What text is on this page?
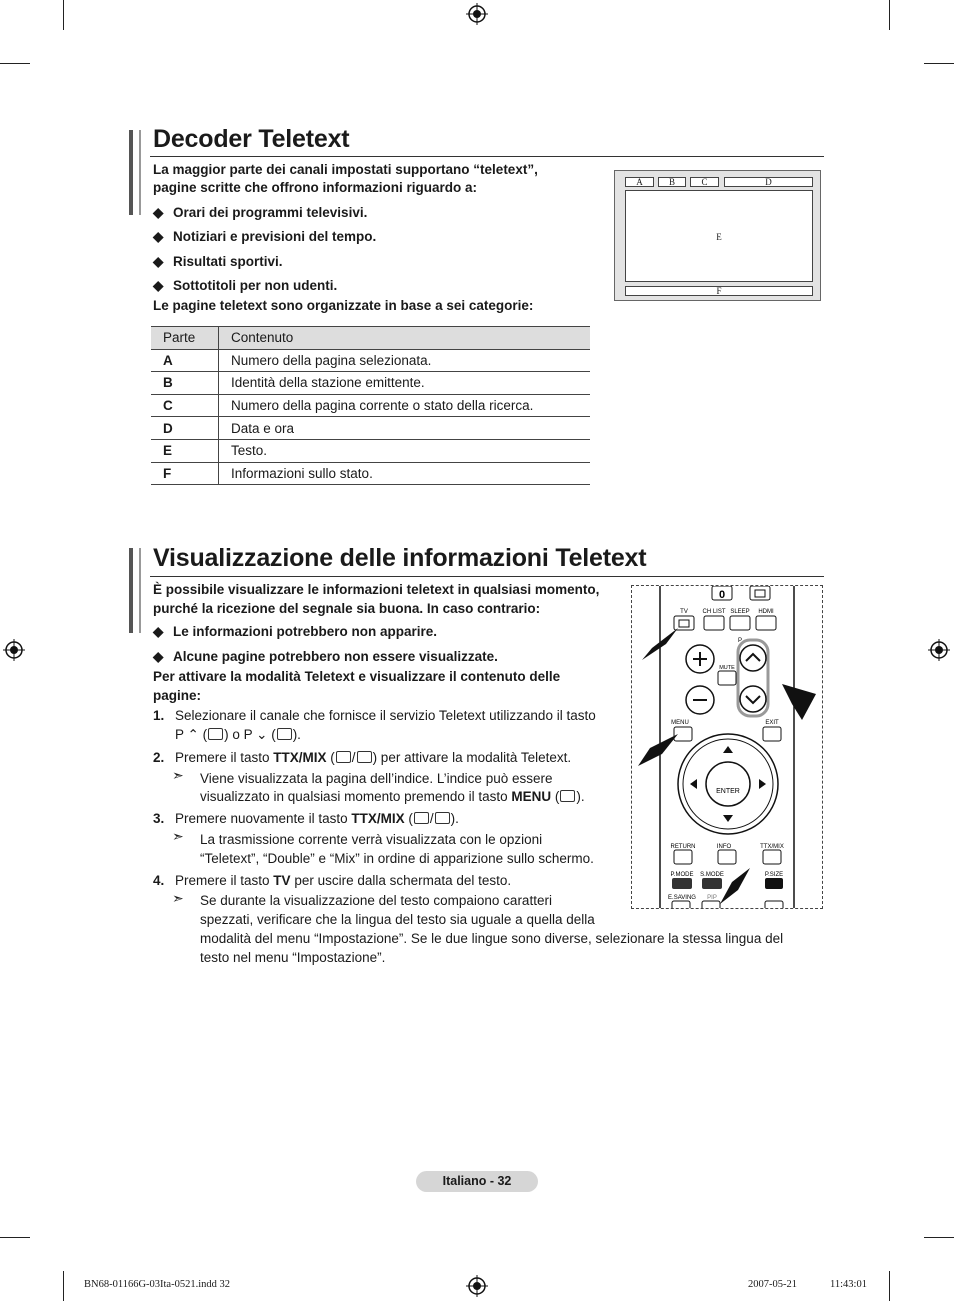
Decoder Teletext
La maggior parte dei canali impostati supportano “teletext”,
pagine scritte che offrono informazioni riguardo a:
◆ Orari dei programmi televisivi.
◆ Notiziari e previsioni del tempo.
◆ Risultati sportivi.
◆ Sottotitoli per non udenti.
Le pagine teletext sono organizzate in base a sei categorie:
Parte	Contenuto
A	Numero della pagina selezionata.
B	Identità della stazione emittente.
C	Numero della pagina corrente o stato della ricerca.
D	Data e ora
E	Testo.
F	Informazioni sullo stato.
A	B	C	D
E
F
Visualizzazione delle informazioni Teletext
È possibile visualizzare le informazioni teletext in qualsiasi momento,
purché la ricezione del segnale sia buona. In caso contrario:
◆ Le informazioni potrebbero non apparire.
◆ Alcune pagine potrebbero non essere visualizzate.
Per attivare la modalità Teletext e visualizzare il contenuto delle
pagine:
1. Selezionare il canale che fornisce il servizio Teletext utilizzando il tasto
P ⌃ ( ) o P ⌄ ( ).
2. Premere il tasto TTX/MIX ( / ) per attivare la modalità Teletext.
➣ Viene visualizzata la pagina dell’indice. L’indice può essere
visualizzato in qualsiasi momento premendo il tasto MENU ( ).
3. Premere nuovamente il tasto TTX/MIX ( / ).
➣ La trasmissione corrente verrà visualizzata con le opzioni
“Teletext”, “Double” e “Mix” in ordine di apparizione sullo schermo.
4. Premere il tasto TV per uscire dalla schermata del testo.
➣ Se durante la visualizzazione del testo compaiono caratteri
spezzati, verificare che la lingua del testo sia uguale a quella della
modalità del menu “Impostazione”. Se le due lingue sono diverse, selezionare la stessa lingua del
testo nel menu “Impostazione”.
0
TV CH LIST SLEEP HDMI
P
MUTE
MENU	EXIT
ENTER
RETURN	INFO	TTX/MIX
P.MODE S.MODE	P.SIZE
E.SAVING PIP
Italiano - 32
BN68-01166G-03Ita-0521.indd 32	2007-05-21	11:43:01
